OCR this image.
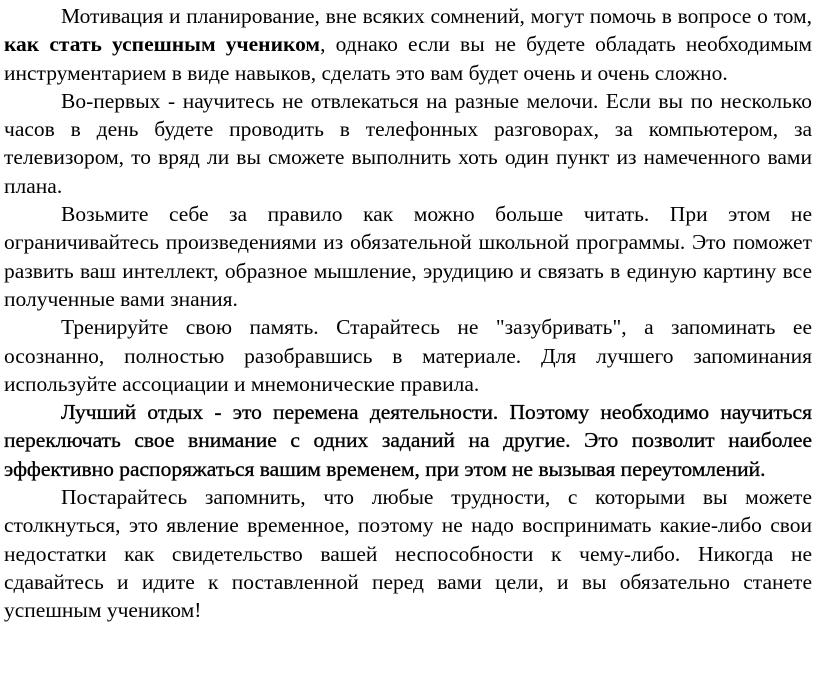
Мотивация и планирование, вне всяких сомнений, могут помочь в вопросе о том, как стать успешным учеником, однако если вы не будете обладать необходимым инструментарием в виде навыков, сделать это вам будет очень и очень сложно.

Во-первых - научитесь не отвлекаться на разные мелочи. Если вы по несколько часов в день будете проводить в телефонных разговорах, за компьютером, за телевизором, то вряд ли вы сможете выполнить хоть один пункт из намеченного вами плана.

Возьмите себе за правило как можно больше читать. При этом не ограничивайтесь произведениями из обязательной школьной программы. Это поможет развить ваш интеллект, образное мышление, эрудицию и связать в единую картину все полученные вами знания.

Тренируйте свою память. Старайтесь не "зазубривать", а запоминать ее осознанно, полностью разобравшись в материале. Для лучшего запоминания используйте ассоциации и мнемонические правила.

Лучший отдых - это перемена деятельности. Поэтому необходимо научиться переключать свое внимание с одних заданий на другие. Это позволит наиболее эффективно распоряжаться вашим временем, при этом не вызывая переутомлений.

Постарайтесь запомнить, что любые трудности, с которыми вы можете столкнуться, это явление временное, поэтому не надо воспринимать какие-либо свои недостатки как свидетельство вашей неспособности к чему-либо. Никогда не сдавайтесь и идите к поставленной перед вами цели, и вы обязательно станете успешным учеником!
